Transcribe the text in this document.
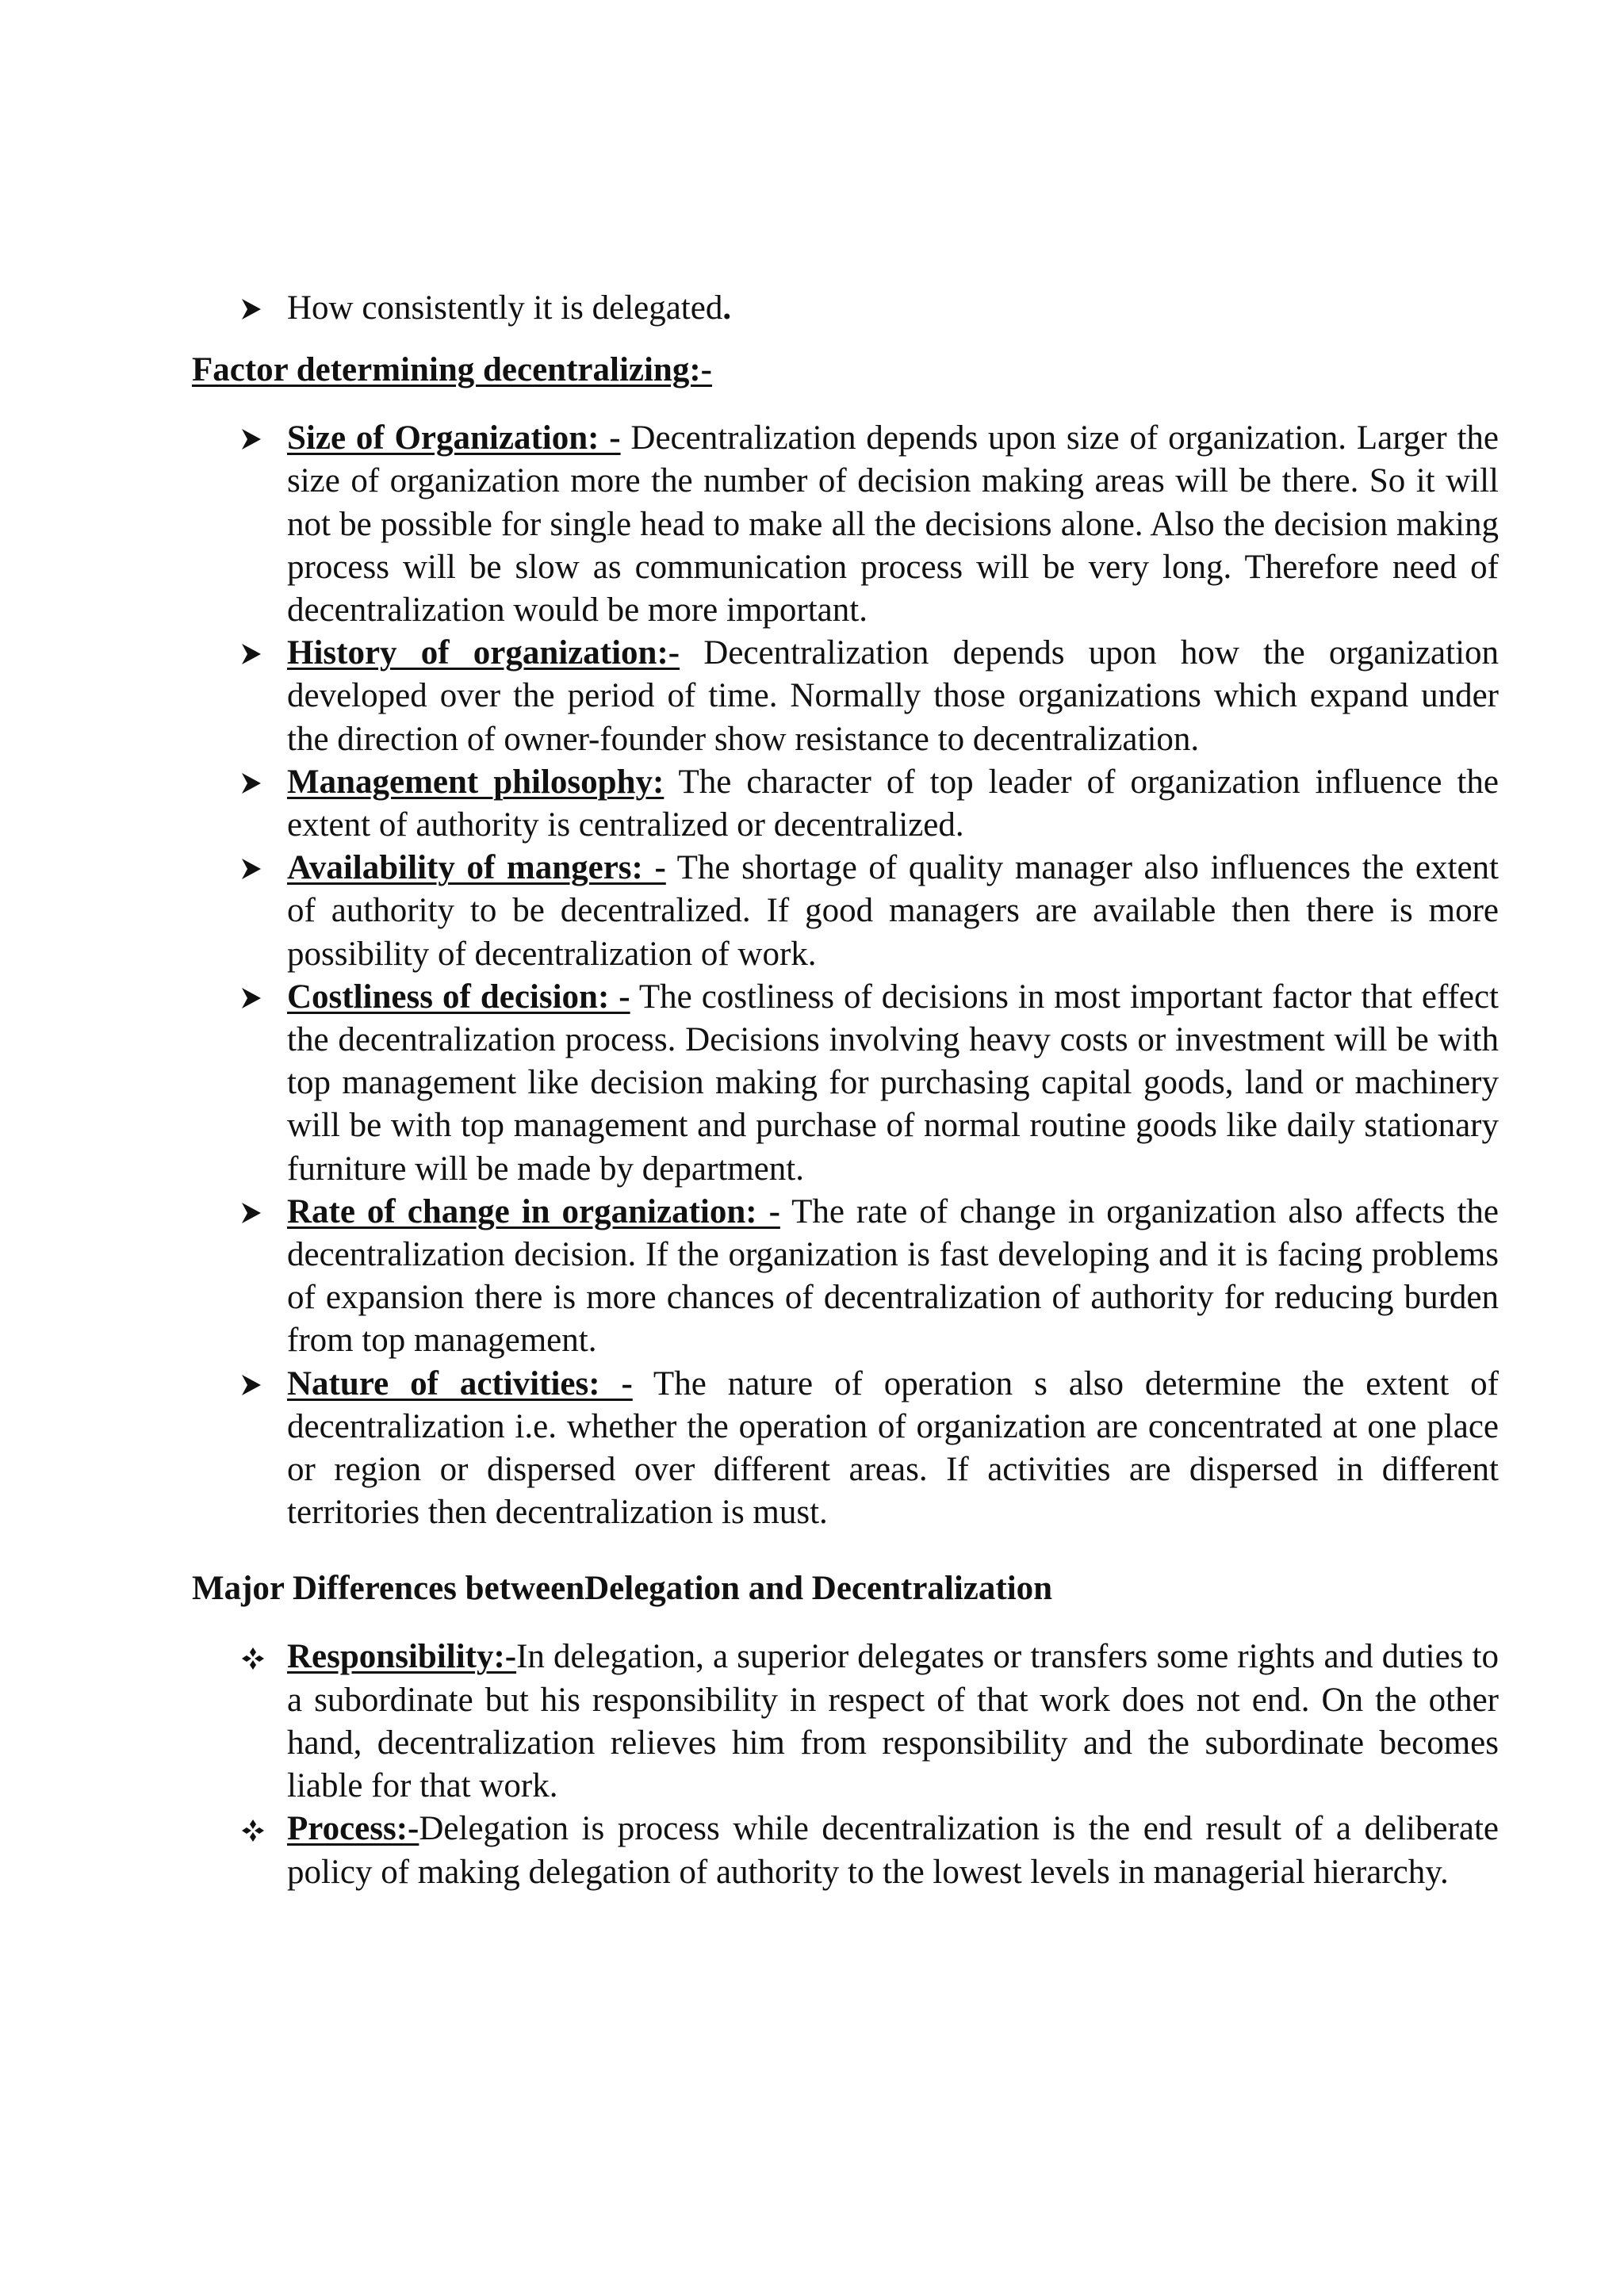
How consistently it is delegated.

Factor determining decentralizing:-

Size of Organization: - Decentralization depends upon size of organization. Larger the size of organization more the number of decision making areas will be there. So it will not be possible for single head to make all the decisions alone. Also the decision making process will be slow as communication process will be very long. Therefore need of decentralization would be more important.
History of organization:- Decentralization depends upon how the organization developed over the period of time. Normally those organizations which expand under the direction of owner-founder show resistance to decentralization.
Management philosophy: The character of top leader of organization influence the extent of authority is centralized or decentralized.
Availability of mangers: - The shortage of quality manager also influences the extent of authority to be decentralized. If good managers are available then there is more possibility of decentralization of work.
Costliness of decision: - The costliness of decisions in most important factor that effect the decentralization process. Decisions involving heavy costs or investment will be with top management like decision making for purchasing capital goods, land or machinery will be with top management and purchase of normal routine goods like daily stationary furniture will be made by department.
Rate of change in organization: - The rate of change in organization also affects the decentralization decision. If the organization is fast developing and it is facing problems of expansion there is more chances of decentralization of authority for reducing burden from top management.
Nature of activities: - The nature of operation s also determine the extent of decentralization i.e. whether the operation of organization are concentrated at one place or region or dispersed over different areas. If activities are dispersed in different territories then decentralization is must.

Major Differences betweenDelegation and Decentralization

Responsibility:-In delegation, a superior delegates or transfers some rights and duties to a subordinate but his responsibility in respect of that work does not end. On the other hand, decentralization relieves him from responsibility and the subordinate becomes liable for that work.
Process:-Delegation is process while decentralization is the end result of a deliberate policy of making delegation of authority to the lowest levels in managerial hierarchy.
